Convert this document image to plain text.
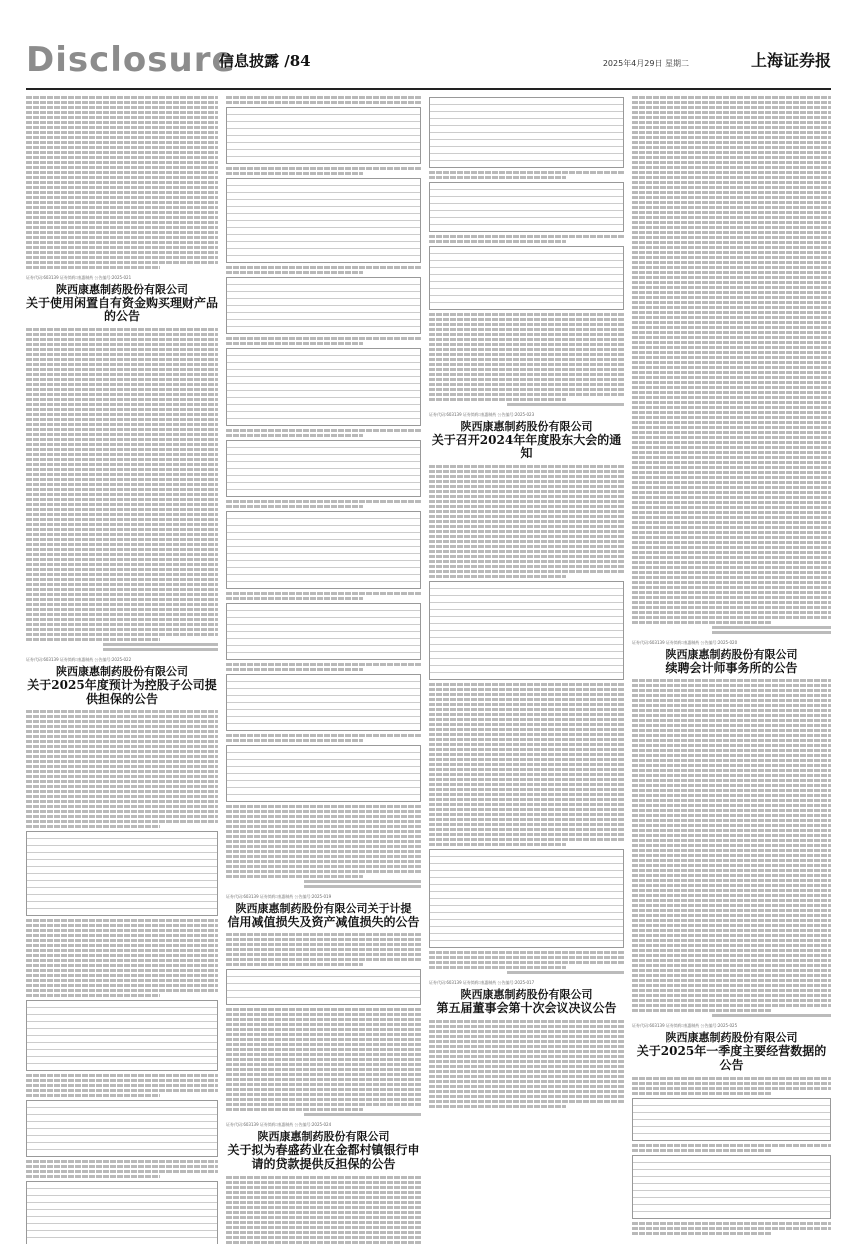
Disclosure
信息披露 /84	2025年4月29日 星期二	上海证券报
证券代码:603139 证券简称:康惠制药 公告编号:2025-021
陕西康惠制药股份有限公司
关于使用闲置自有资金购买理财产品的公告
证券代码:603139 证券简称:康惠制药 公告编号:2025-022
陕西康惠制药股份有限公司
关于2025年度预计为控股子公司提供担保的公告
证券代码:603139 证券简称:康惠制药 公告编号:2025-019
陕西康惠制药股份有限公司关于计提
信用减值损失及资产减值损失的公告
证券代码:603139 证券简称:康惠制药 公告编号:2025-024
陕西康惠制药股份有限公司
关于拟为春盛药业在金都村镇银行申请的贷款提供反担保的公告
证券代码:603139 证券简称:康惠制药 公告编号:2025-023
陕西康惠制药股份有限公司
关于召开2024年年度股东大会的通知
证券代码:603139 证券简称:康惠制药 公告编号:2025-017
陕西康惠制药股份有限公司
第五届董事会第十次会议决议公告
证券代码:603139 证券简称:康惠制药 公告编号:2025-020
陕西康惠制药股份有限公司
续聘会计师事务所的公告
证券代码:603139 证券简称:康惠制药 公告编号:2025-025
陕西康惠制药股份有限公司
关于2025年一季度主要经营数据的公告
